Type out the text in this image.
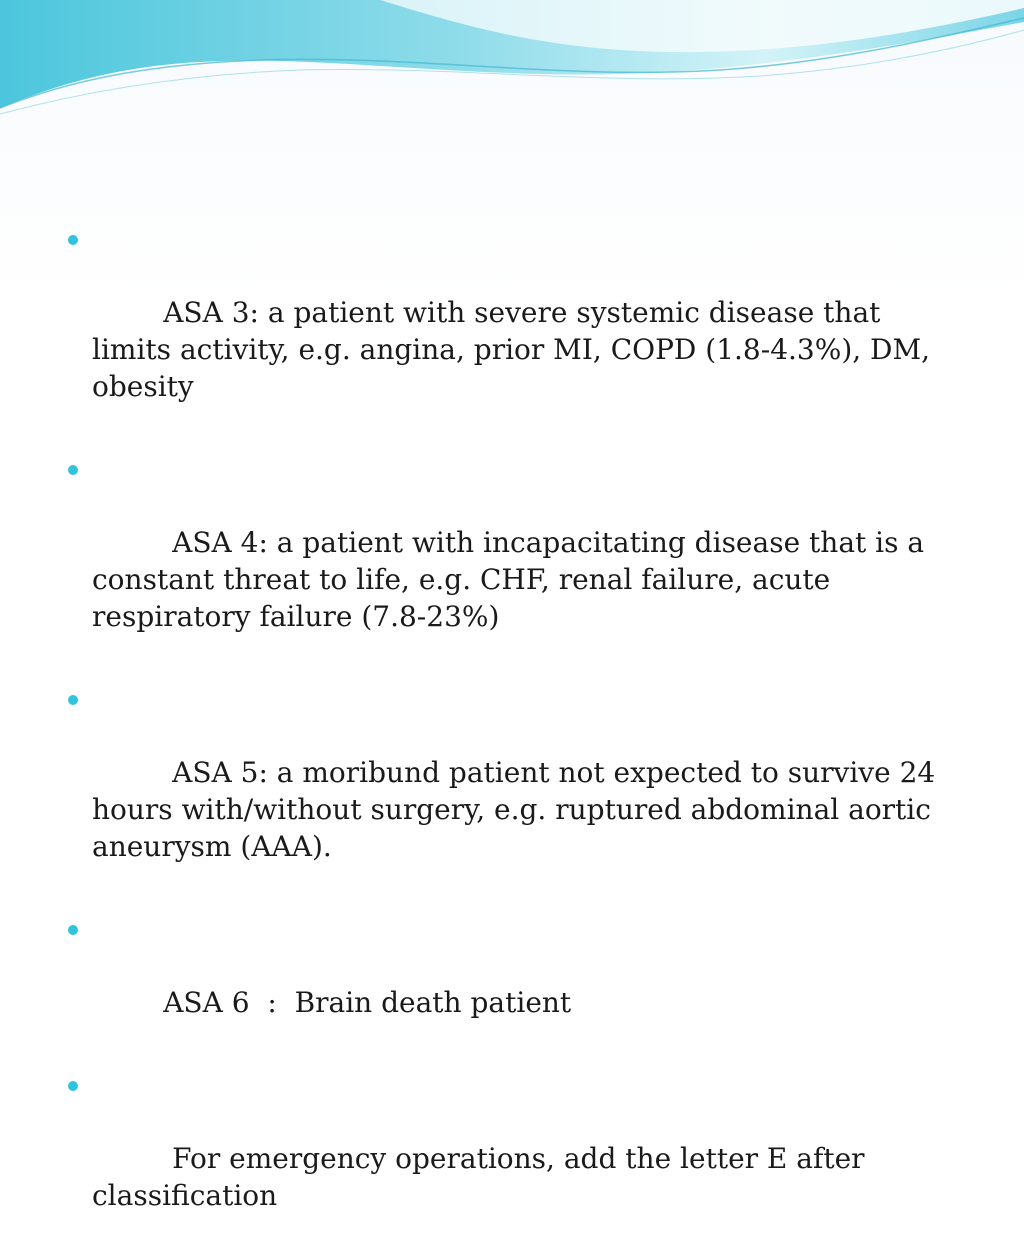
ASA 3: a patient with severe systemic disease that limits activity, e.g. angina, prior MI, COPD (1.8-4.3%), DM, obesity

ASA 4: a patient with incapacitating disease that is a constant threat to life, e.g. CHF, renal failure, acute respiratory failure (7.8-23%)

ASA 5: a moribund patient not expected to survive 24 hours with/without surgery, e.g. ruptured abdominal aortic aneurysm (AAA).

ASA 6  :  Brain death patient

For emergency operations, add the letter E after classification
